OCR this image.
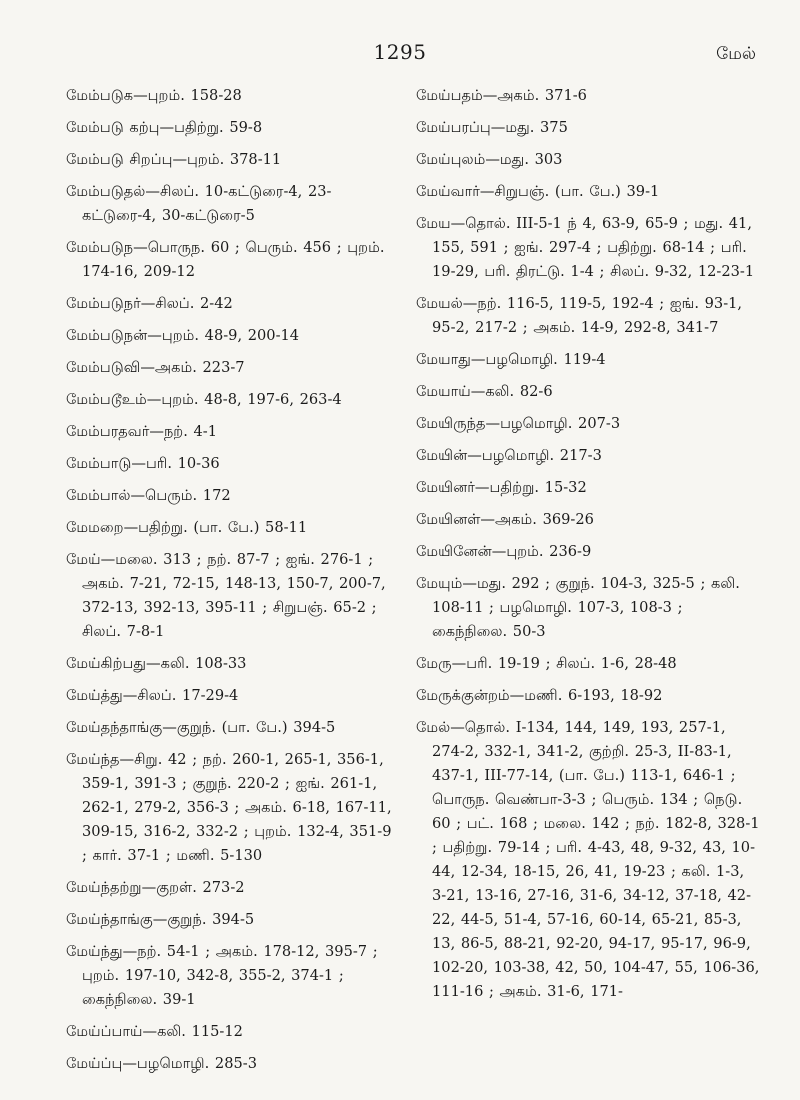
1295	மேல்
மேம்படுக—புறம். 158-28
மேம்படு கற்பு—பதிற்று. 59-8
மேம்படு சிறப்பு—புறம். 378-11
மேம்படுதல்—சிலப். 10-கட்டுரை-4, 23-கட்டுரை-4, 30-கட்டுரை-5
மேம்படுந—பொருந. 60 ; பெரும். 456 ; புறம். 174-16, 209-12
மேம்படுநர்—சிலப். 2-42
மேம்படுநன்—புறம். 48-9, 200-14
மேம்படுவி—அகம். 223-7
மேம்படூஉம்—புறம். 48-8, 197-6, 263-4
மேம்பரதவர்—நற். 4-1
மேம்பாடு—பரி. 10-36
மேம்பால்—பெரும். 172
மேமறை—பதிற்று. (பா. பே.) 58-11
மேய்—மலை. 313 ; நற். 87-7 ; ஐங். 276-1 ; அகம். 7-21, 72-15, 148-13, 150-7, 200-7, 372-13, 392-13, 395-11 ; சிறுபஞ். 65-2 ; சிலப். 7-8-1
மேய்கிற்பது—கலி. 108-33
மேய்த்து—சிலப். 17-29-4
மேய்தந்தாங்கு—குறுந். (பா. பே.) 394-5
மேய்ந்த—சிறு. 42 ; நற். 260-1, 265-1, 356-1, 359-1, 391-3 ; குறுந். 220-2 ; ஐங். 261-1, 262-1, 279-2, 356-3 ; அகம். 6-18, 167-11, 309-15, 316-2, 332-2 ; புறம். 132-4, 351-9 ; கார். 37-1 ; மணி. 5-130
மேய்ந்தற்று—குறள். 273-2
மேய்ந்தாங்கு—குறுந். 394-5
மேய்ந்து—நற். 54-1 ; அகம். 178-12, 395-7 ; புறம். 197-10, 342-8, 355-2, 374-1 ; கைந்நிலை. 39-1
மேய்ப்பாய்—கலி. 115-12
மேய்ப்பு—பழமொழி. 285-3
மேய்பதம்—அகம். 371-6
மேய்பரப்பு—மது. 375
மேய்புலம்—மது. 303
மேய்வார்—சிறுபஞ். (பா. பே.) 39-1
மேய—தொல். III-5-1 ந் 4, 63-9, 65-9 ; மது. 41, 155, 591 ; ஐங். 297-4 ; பதிற்று. 68-14 ; பரி. 19-29, பரி. திரட்டு. 1-4 ; சிலப். 9-32, 12-23-1
மேயல்—நற். 116-5, 119-5, 192-4 ; ஐங். 93-1, 95-2, 217-2 ; அகம். 14-9, 292-8, 341-7
மேயாது—பழமொழி. 119-4
மேயாய்—கலி. 82-6
மேயிருந்த—பழமொழி. 207-3
மேயின்—பழமொழி. 217-3
மேயினர்—பதிற்று. 15-32
மேயினள்—அகம். 369-26
மேயினேன்—புறம். 236-9
மேயும்—மது. 292 ; குறுந். 104-3, 325-5 ; கலி. 108-11 ; பழமொழி. 107-3, 108-3 ; கைந்நிலை. 50-3
மேரு—பரி. 19-19 ; சிலப். 1-6, 28-48
மேருக்குன்றம்—மணி. 6-193, 18-92
மேல்—தொல். I-134, 144, 149, 193, 257-1, 274-2, 332-1, 341-2, குற்றி. 25-3, II-83-1, 437-1, III-77-14, (பா. பே.) 113-1, 646-1 ; பொருந. வெண்பா-3-3 ; பெரும். 134 ; நெடு. 60 ; பட். 168 ; மலை. 142 ; நற். 182-8, 328-1 ; பதிற்று. 79-14 ; பரி. 4-43, 48, 9-32, 43, 10-44, 12-34, 18-15, 26, 41, 19-23 ; கலி. 1-3, 3-21, 13-16, 27-16, 31-6, 34-12, 37-18, 42-22, 44-5, 51-4, 57-16, 60-14, 65-21, 85-3, 13, 86-5, 88-21, 92-20, 94-17, 95-17, 96-9, 102-20, 103-38, 42, 50, 104-47, 55, 106-36, 111-16 ; அகம். 31-6, 171-
